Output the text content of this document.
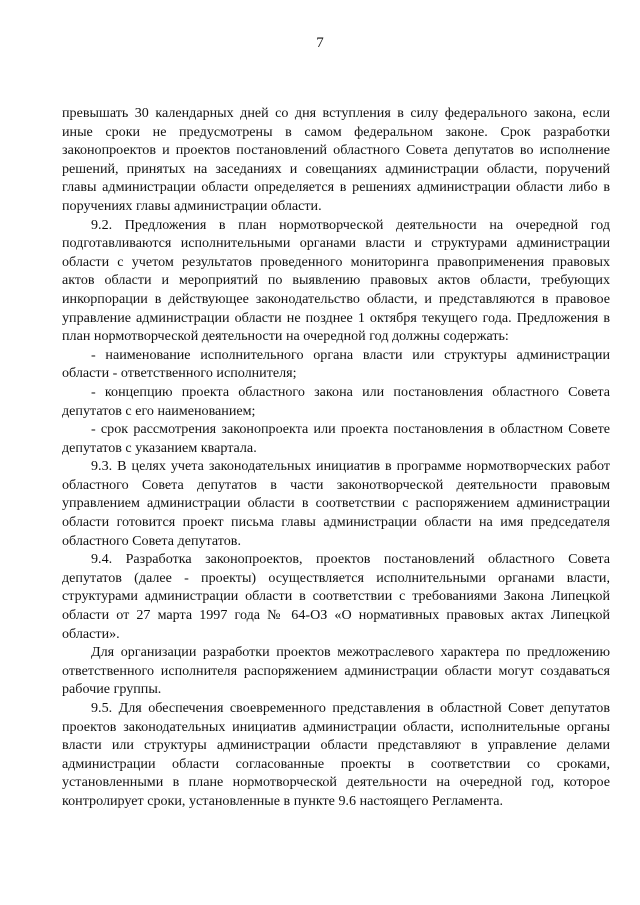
7

превышать 30 календарных дней со дня вступления в силу федерального закона, если иные сроки не предусмотрены в самом федеральном законе. Срок разработки законопроектов и проектов постановлений областного Совета депутатов во исполнение решений, принятых на заседаниях и совещаниях администрации области, поручений главы администрации области определяется в решениях администрации области либо в поручениях главы администрации области.

9.2. Предложения в план нормотворческой деятельности на очередной год подготавливаются исполнительными органами власти и структурами администрации области с учетом результатов проведенного мониторинга правоприменения правовых актов области и мероприятий по выявлению правовых актов области, требующих инкорпорации в действующее законодательство области, и представляются в правовое управление администрации области не позднее 1 октября текущего года. Предложения в план нормотворческой деятельности на очередной год должны содержать:

- наименование исполнительного органа власти или структуры администрации области - ответственного исполнителя;

- концепцию проекта областного закона или постановления областного Совета депутатов с его наименованием;

- срок рассмотрения законопроекта или проекта постановления в областном Совете депутатов с указанием квартала.

9.3. В целях учета законодательных инициатив в программе нормотворческих работ областного Совета депутатов в части законотворческой деятельности правовым управлением администрации области в соответствии с распоряжением администрации области готовится проект письма главы администрации области на имя председателя областного Совета депутатов.

9.4. Разработка законопроектов, проектов постановлений областного Совета депутатов (далее - проекты) осуществляется исполнительными органами власти, структурами администрации области в соответствии с требованиями Закона Липецкой области от 27 марта 1997 года № 64-ОЗ «О нормативных правовых актах Липецкой области».

Для организации разработки проектов межотраслевого характера по предложению ответственного исполнителя распоряжением администрации области могут создаваться рабочие группы.

9.5. Для обеспечения своевременного представления в областной Совет депутатов проектов законодательных инициатив администрации области, исполнительные органы власти или структуры администрации области представляют в управление делами администрации области согласованные проекты в соответствии со сроками, установленными в плане нормотворческой деятельности на очередной год, которое контролирует сроки, установленные в пункте 9.6 настоящего Регламента.
